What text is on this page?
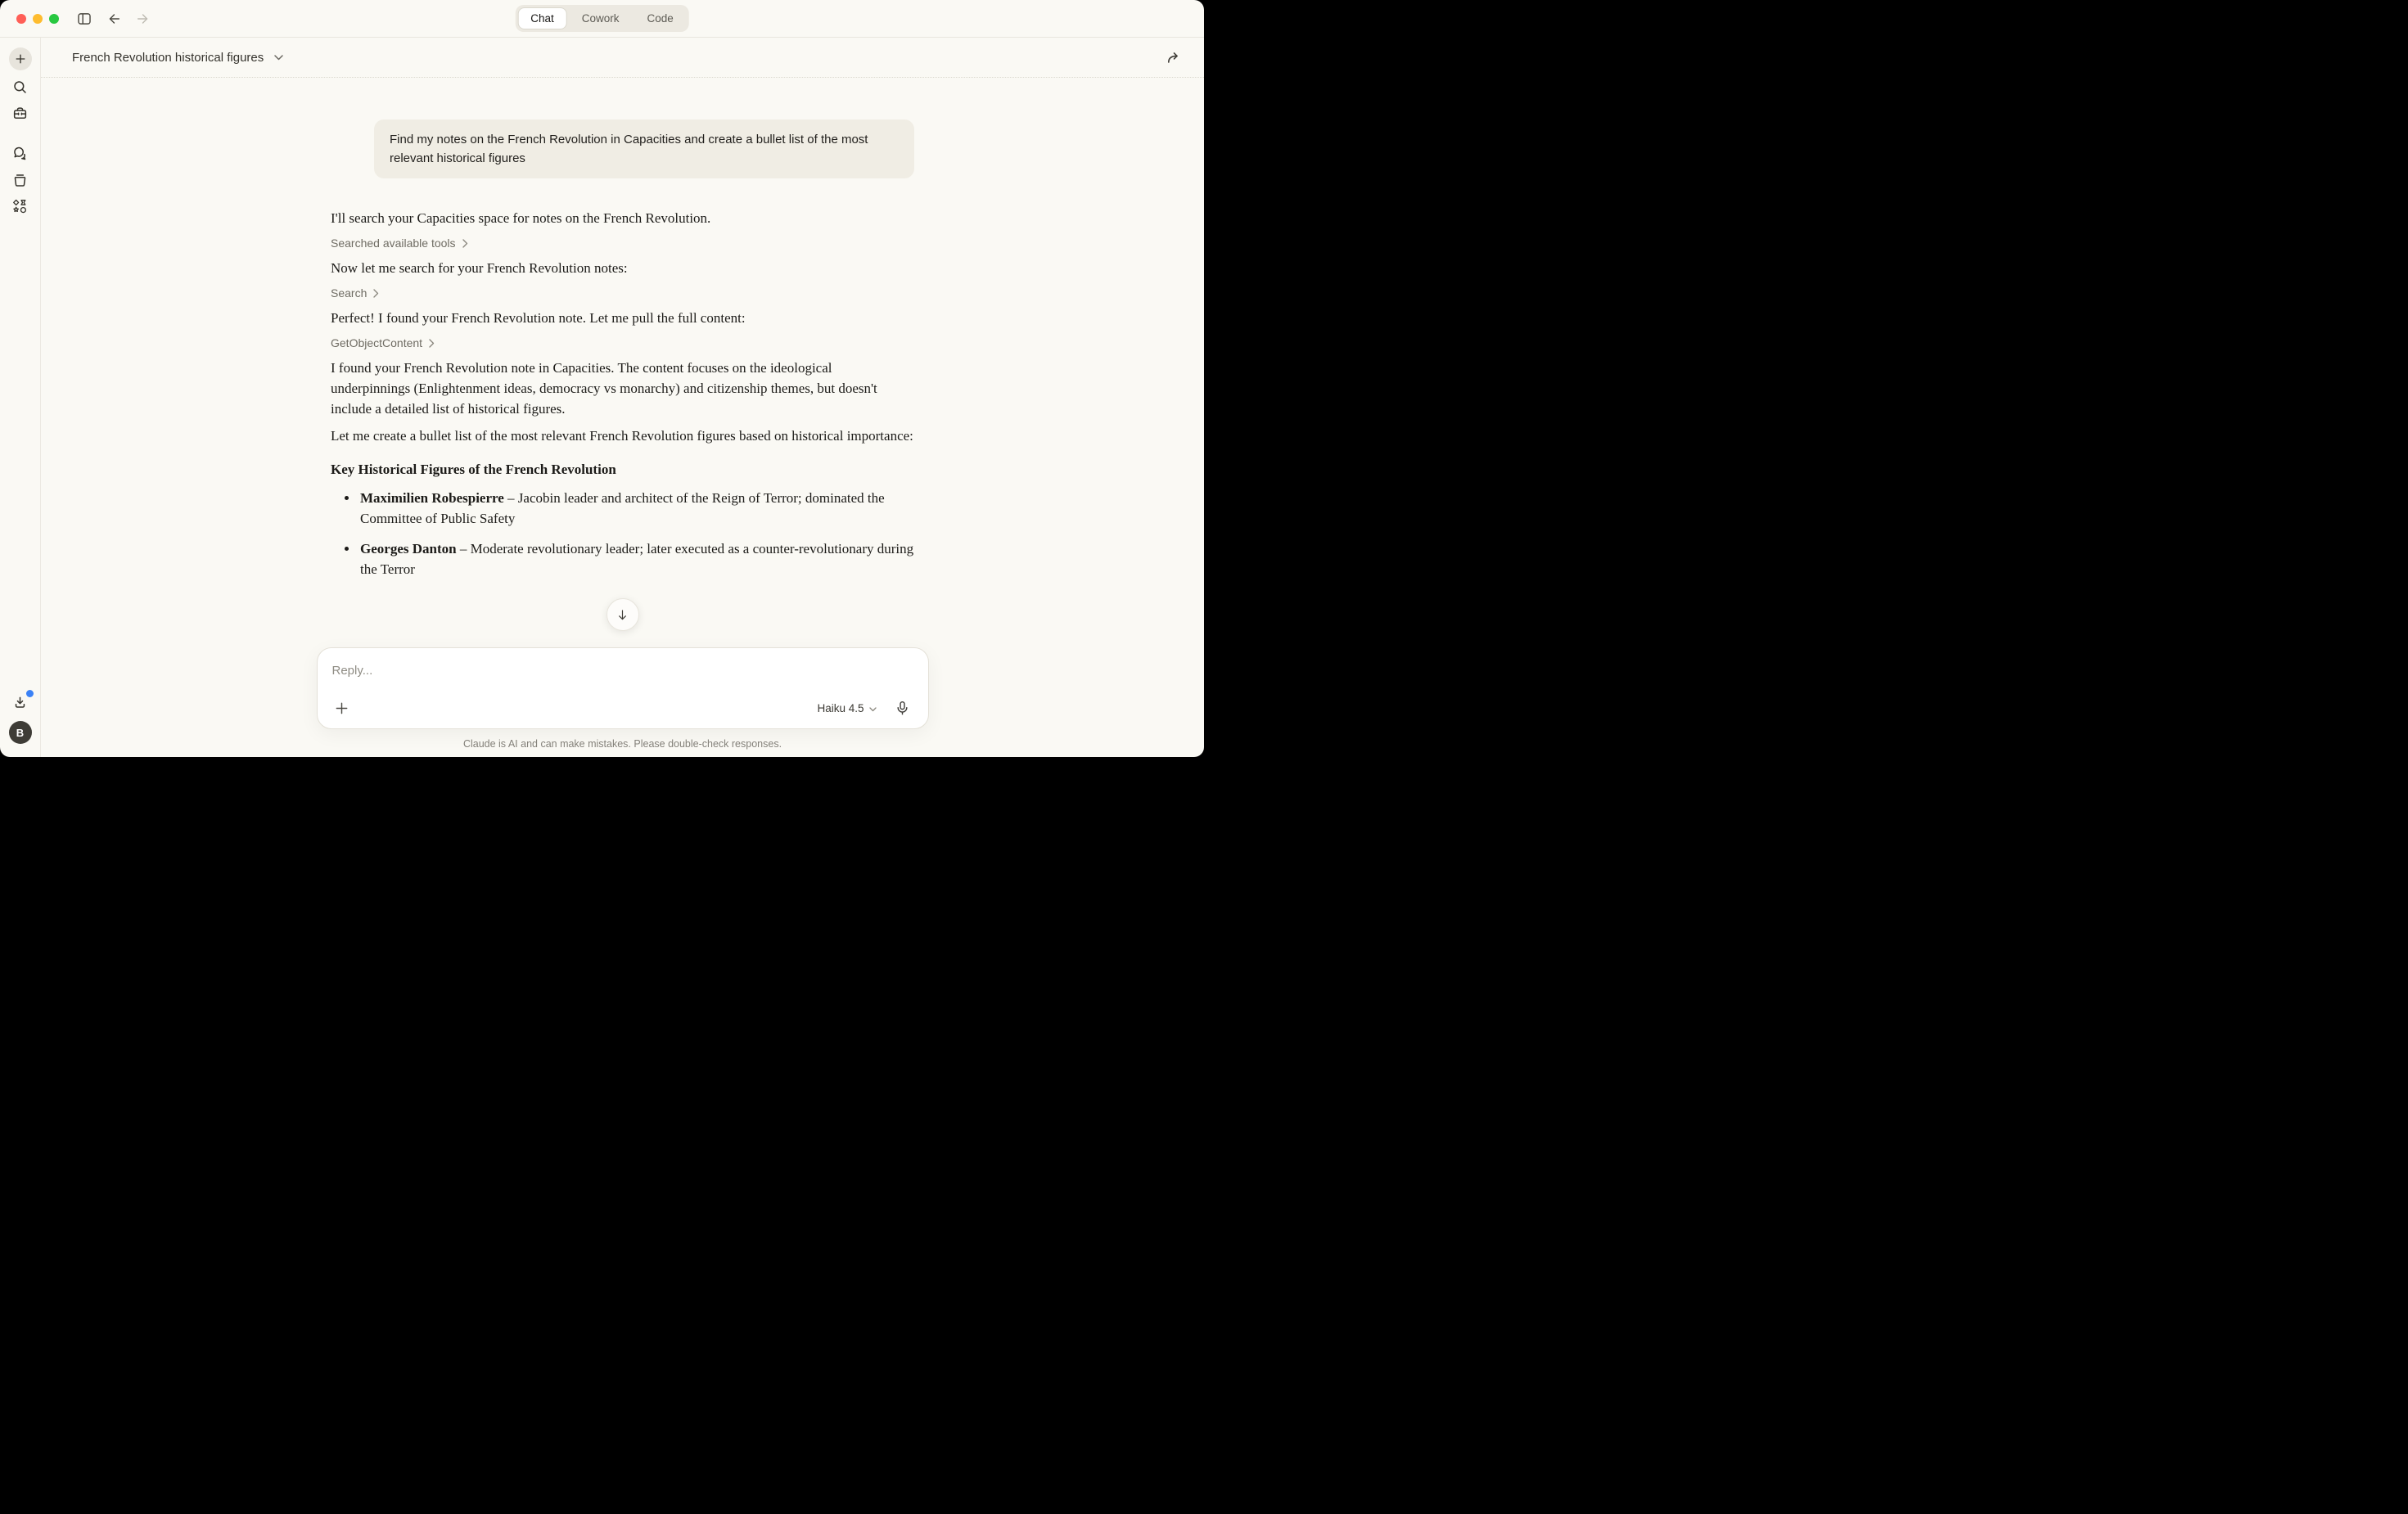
Chat	Cowork	Code
B
French Revolution historical figures
Find my notes on the French Revolution in Capacities and create a bullet list of the most relevant historical figures

I'll search your Capacities space for notes on the French Revolution.

Searched available tools

Now let me search for your French Revolution notes:

Search

Perfect! I found your French Revolution note. Let me pull the full content:

GetObjectContent

I found your French Revolution note in Capacities. The content focuses on the ideological underpinnings (Enlightenment ideas, democracy vs monarchy) and citizenship themes, but doesn't include a detailed list of historical figures.

Let me create a bullet list of the most relevant French Revolution figures based on historical importance:

Key Historical Figures of the French Revolution
• Maximilien Robespierre – Jacobin leader and architect of the Reign of Terror; dominated the Committee of Public Safety
• Georges Danton – Moderate revolutionary leader; later executed as a counter-revolutionary during the Terror
Reply...
Haiku 4.5
Claude is AI and can make mistakes. Please double-check responses.
